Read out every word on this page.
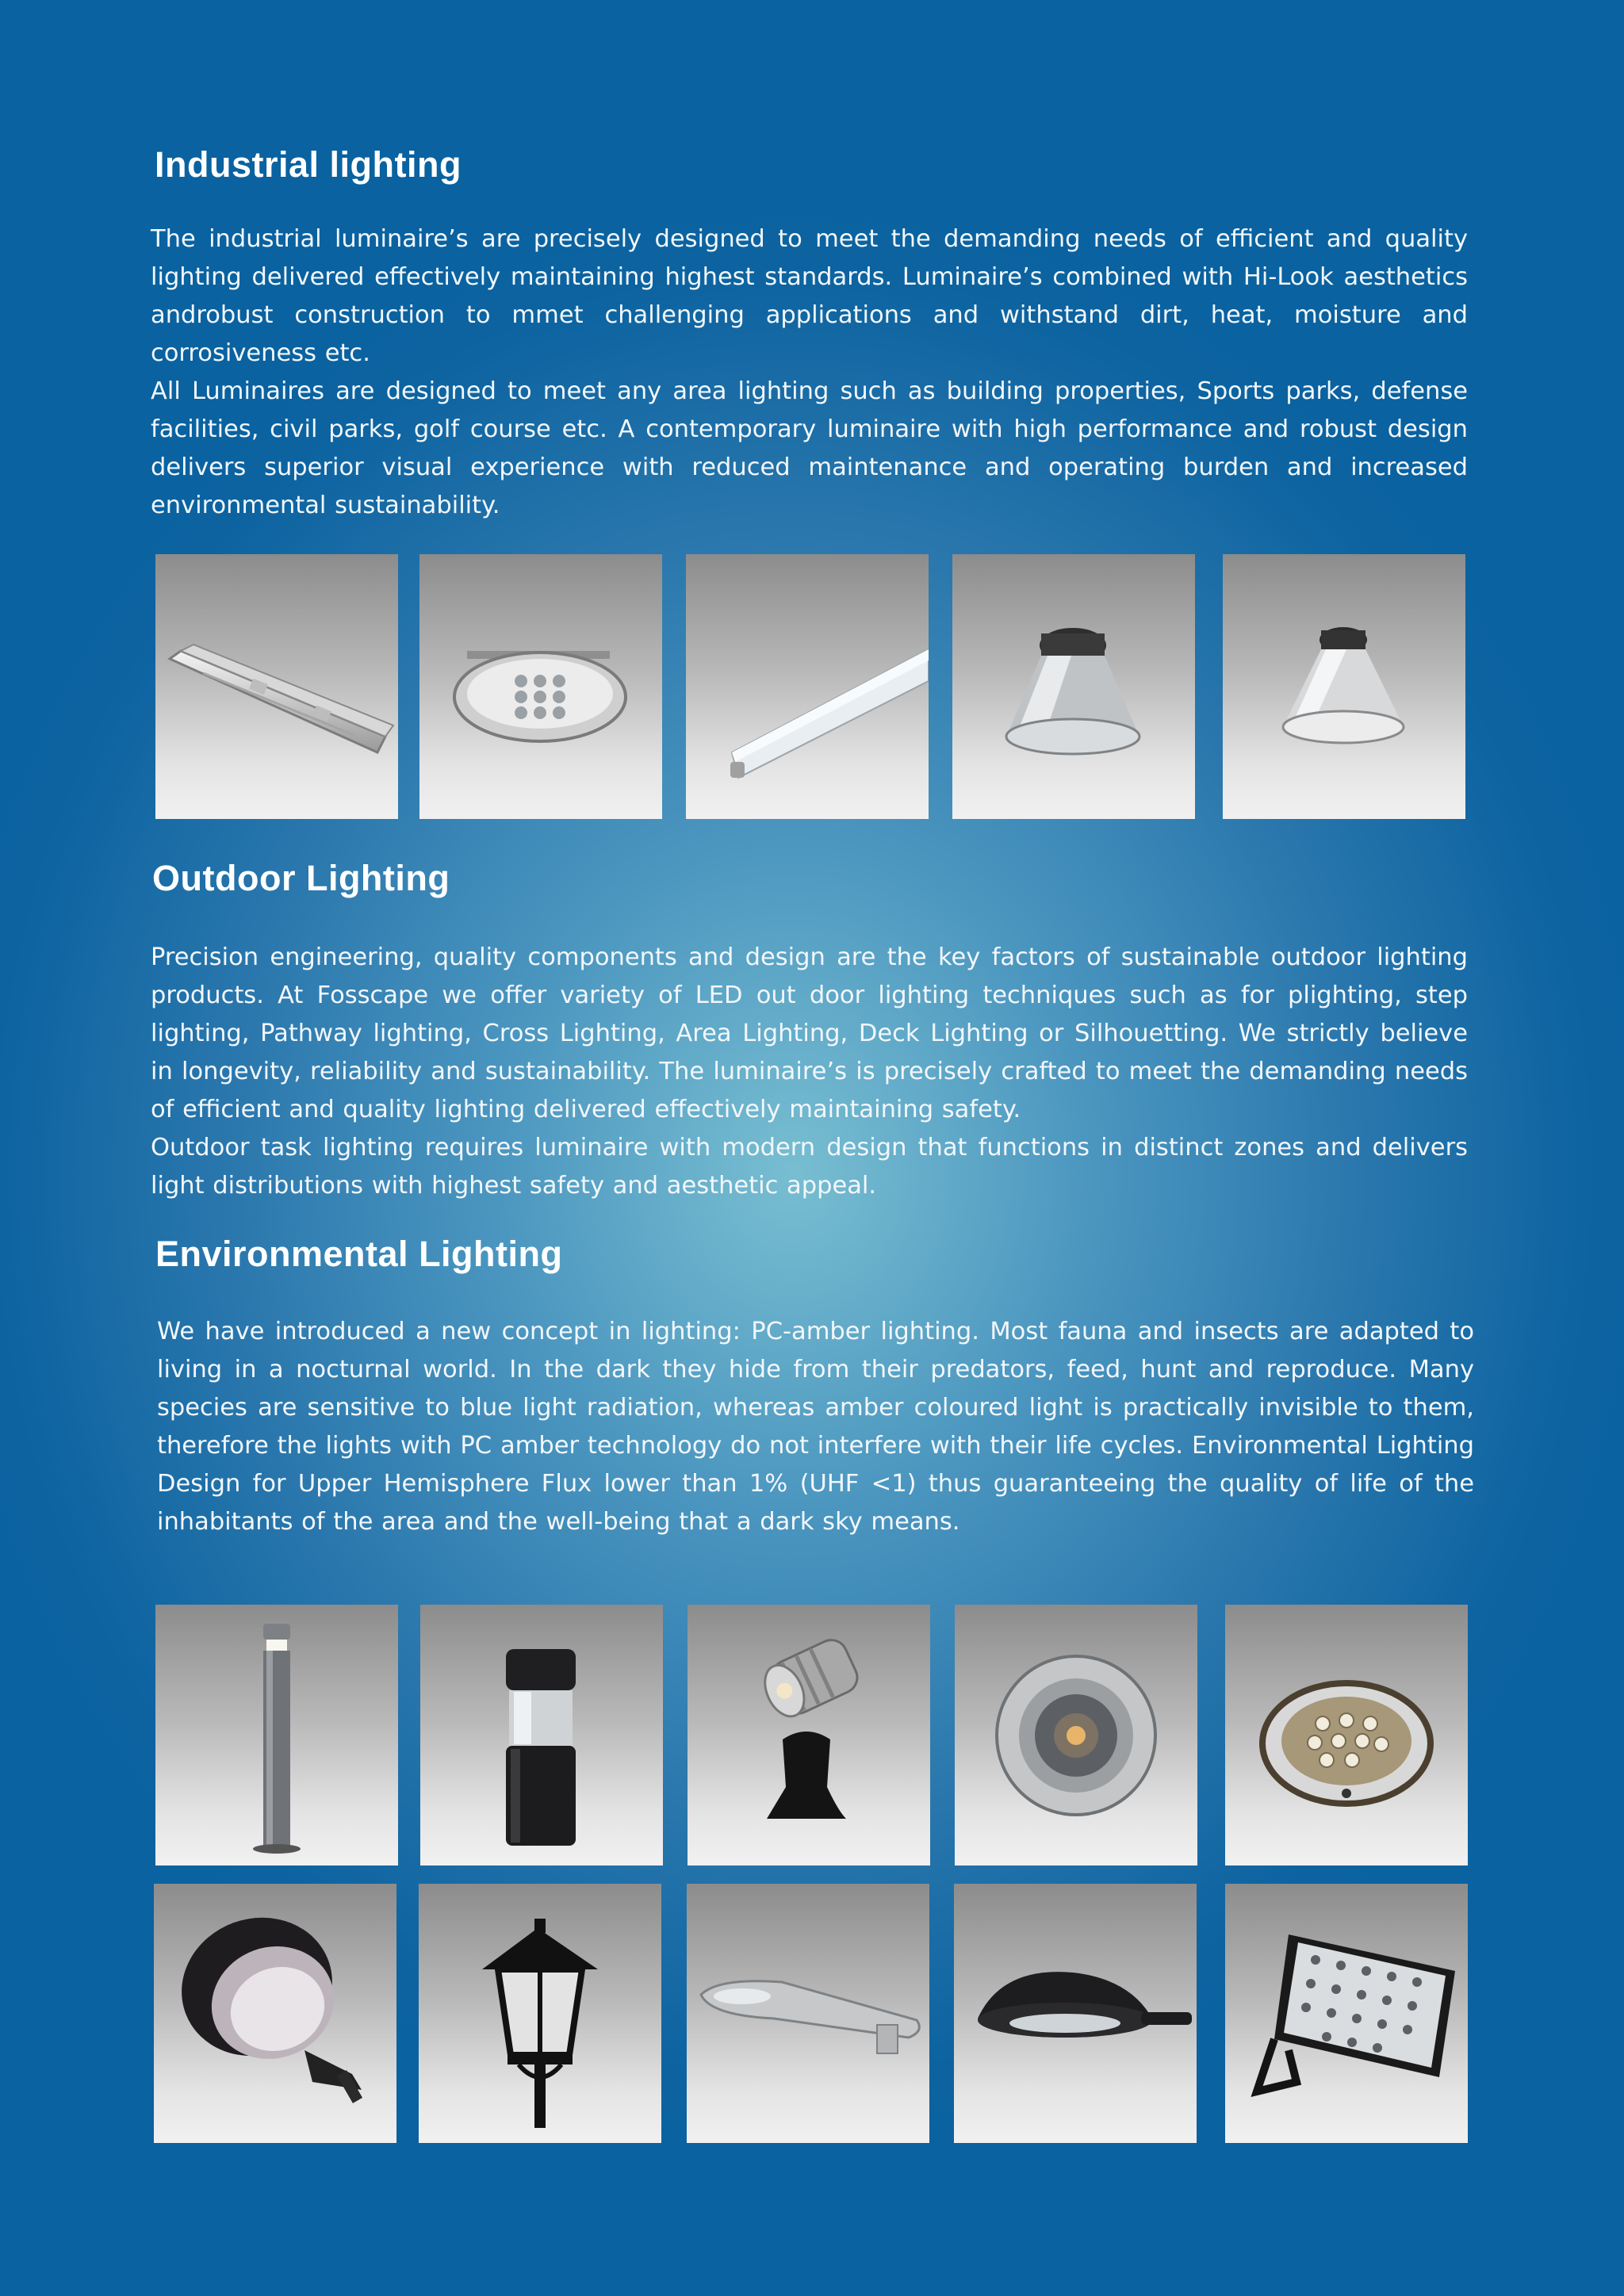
Industrial lighting

The industrial luminaire’s are precisely designed to meet the demanding needs of efficient and quality lighting delivered effectively maintaining highest standards. Luminaire’s combined with Hi-Look aesthetics androbust construction to mmet challenging applications and withstand dirt, heat, moisture and corrosiveness etc.

All Luminaires are designed to meet any area lighting such as building properties, Sports parks, defense facilities, civil parks, golf course etc. A contemporary luminaire with high performance and robust design delivers superior visual experience with reduced maintenance and operating burden and increased environmental sustainability.

Outdoor Lighting

Precision engineering, quality components and design are the key factors of sustainable outdoor lighting products. At Fosscape we offer variety of LED out door lighting techniques such as for plighting, step lighting, Pathway lighting, Cross Lighting, Area Lighting, Deck Lighting or Silhouetting. We strictly believe in longevity, reliability and sustainability. The luminaire’s is precisely crafted to meet the demanding needs of efficient and quality lighting delivered effectively maintaining safety.

Outdoor task lighting requires luminaire with modern design that functions in distinct zones and delivers light distributions with highest safety and aesthetic appeal.

Environmental Lighting

We have introduced a new concept in lighting: PC-amber lighting. Most fauna and insects are adapted to living in a nocturnal world. In the dark they hide from their predators, feed, hunt and reproduce. Many species are sensitive to blue light radiation, whereas amber coloured light is practically invisible to them, therefore the lights with PC amber technology do not interfere with their life cycles. Environmental Lighting Design for Upper Hemisphere Flux lower than 1% (UHF <1) thus guaranteeing the quality of life of the inhabitants of the area and the well-being that a dark sky means.
